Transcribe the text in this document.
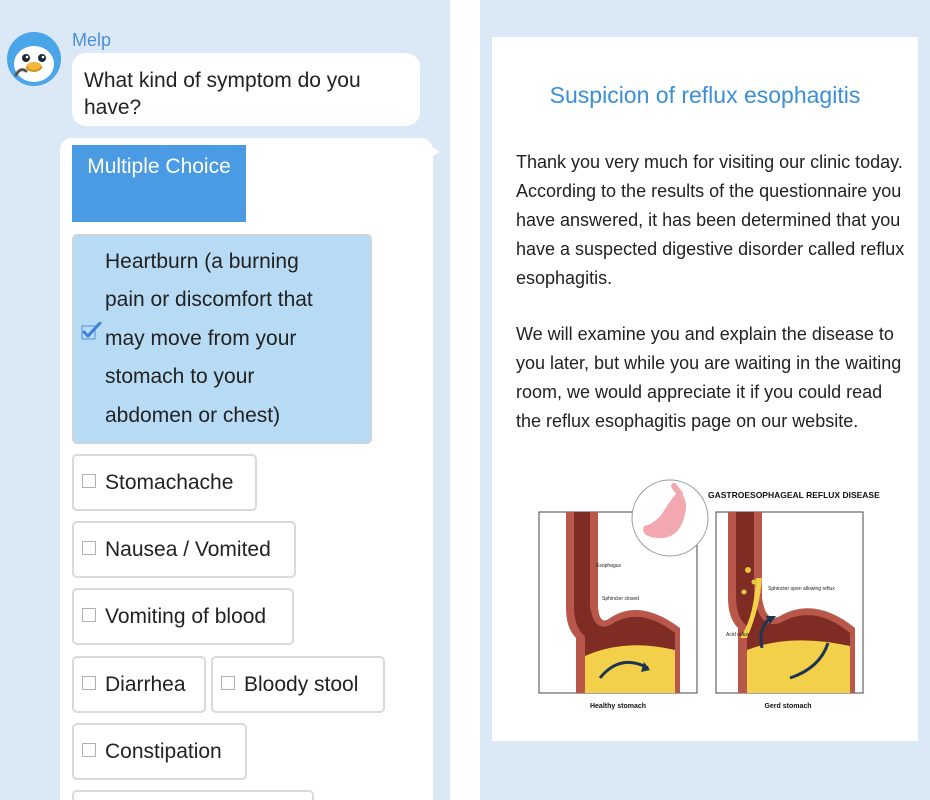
Melp
What kind of symptom do you have?
Multiple Choice
Heartburn (a burning pain or discomfort that may move from your stomach to your abdomen or chest)
Stomachache
Nausea / Vomited
Vomiting of blood
Diarrhea	Bloody stool
Constipation
Suspicion of reflux esophagitis
Thank you very much for visiting our clinic today. According to the results of the questionnaire you have answered, it has been determined that you have a suspected digestive disorder called reflux esophagitis.
We will examine you and explain the disease to you later, but while you are waiting in the waiting room, we would appreciate it if you could read the reflux esophagitis page on our website.
GASTROESOPHAGEAL REFLUX DISEASE
Healthy stomach	Gerd stomach
Esophagus
Sphincter closed
Sphincter open allowing reflux
Acid reflux
